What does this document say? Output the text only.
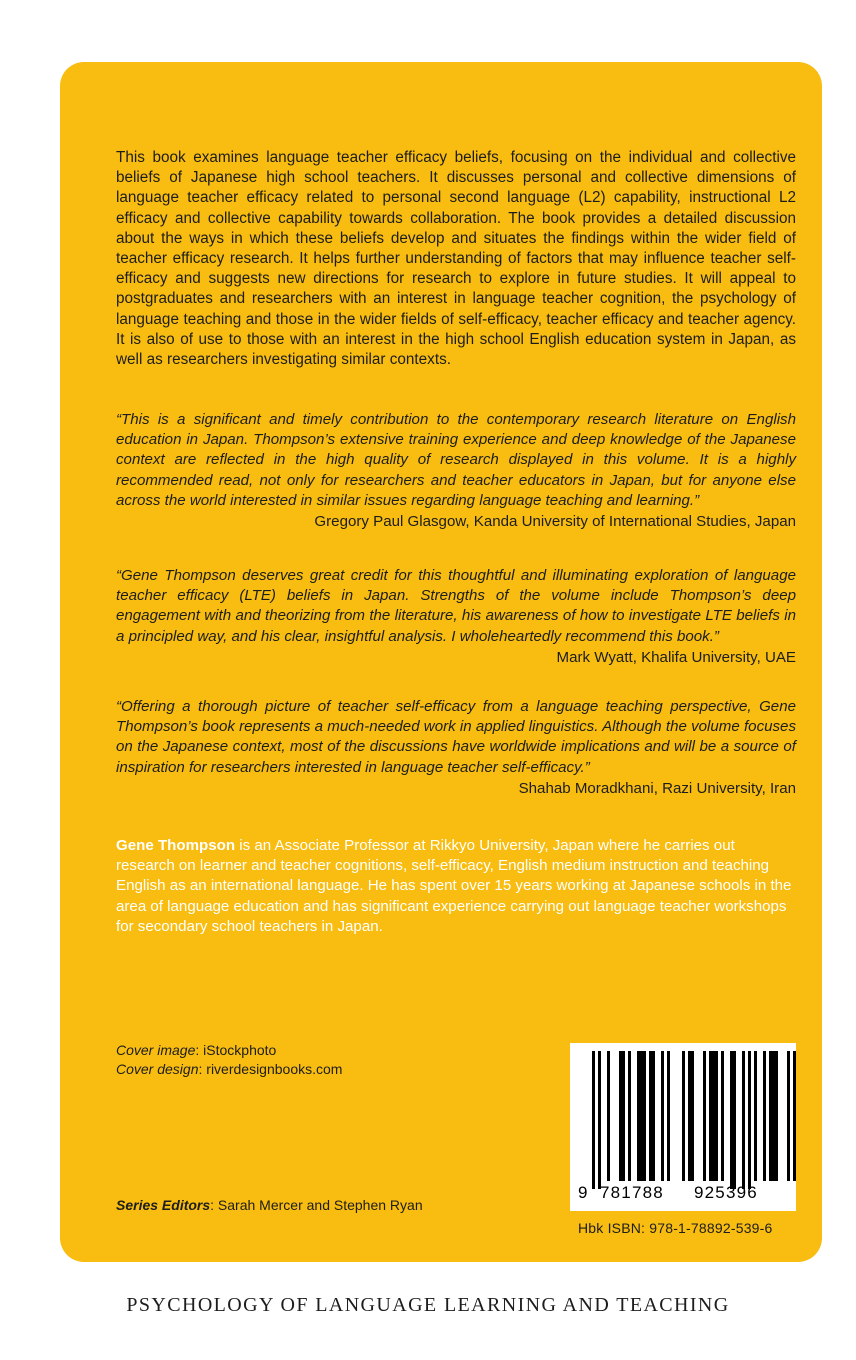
This book examines language teacher efficacy beliefs, focusing on the individual and collective beliefs of Japanese high school teachers. It discusses personal and collective dimensions of language teacher efficacy related to personal second language (L2) capability, instructional L2 efficacy and collective capability towards collaboration. The book provides a detailed discussion about the ways in which these beliefs develop and situates the findings within the wider field of teacher efficacy research. It helps further understanding of factors that may influence teacher self-efficacy and suggests new directions for research to explore in future studies. It will appeal to postgraduates and researchers with an interest in language teacher cognition, the psychology of language teaching and those in the wider fields of self-efficacy, teacher efficacy and teacher agency. It is also of use to those with an interest in the high school English education system in Japan, as well as researchers investigating similar contexts.

“This is a significant and timely contribution to the contemporary research literature on English education in Japan. Thompson’s extensive training experience and deep knowledge of the Japanese context are reflected in the high quality of research displayed in this volume. It is a highly recommended read, not only for researchers and teacher educators in Japan, but for anyone else across the world interested in similar issues regarding language teaching and learning.”

Gregory Paul Glasgow, Kanda University of International Studies, Japan

“Gene Thompson deserves great credit for this thoughtful and illuminating exploration of language teacher efficacy (LTE) beliefs in Japan. Strengths of the volume include Thompson’s deep engagement with and theorizing from the literature, his awareness of how to investigate LTE beliefs in a principled way, and his clear, insightful analysis. I wholeheartedly recommend this book.”

Mark Wyatt, Khalifa University, UAE

“Offering a thorough picture of teacher self-efficacy from a language teaching perspective, Gene Thompson’s book represents a much-needed work in applied linguistics. Although the volume focuses on the Japanese context, most of the discussions have worldwide implications and will be a source of inspiration for researchers interested in language teacher self-efficacy.”

Shahab Moradkhani, Razi University, Iran

Gene Thompson is an Associate Professor at Rikkyo University, Japan where he carries out research on learner and teacher cognitions, self-efficacy, English medium instruction and teaching English as an international language. He has spent over 15 years working at Japanese schools in the area of language education and has significant experience carrying out language teacher workshops for secondary school teachers in Japan.

Cover image: iStockphoto
Cover design: riverdesignbooks.com
Series Editors: Sarah Mercer and Stephen Ryan
9 781788 925396
Hbk ISBN: 978-1-78892-539-6
PSYCHOLOGY OF LANGUAGE LEARNING AND TEACHING
